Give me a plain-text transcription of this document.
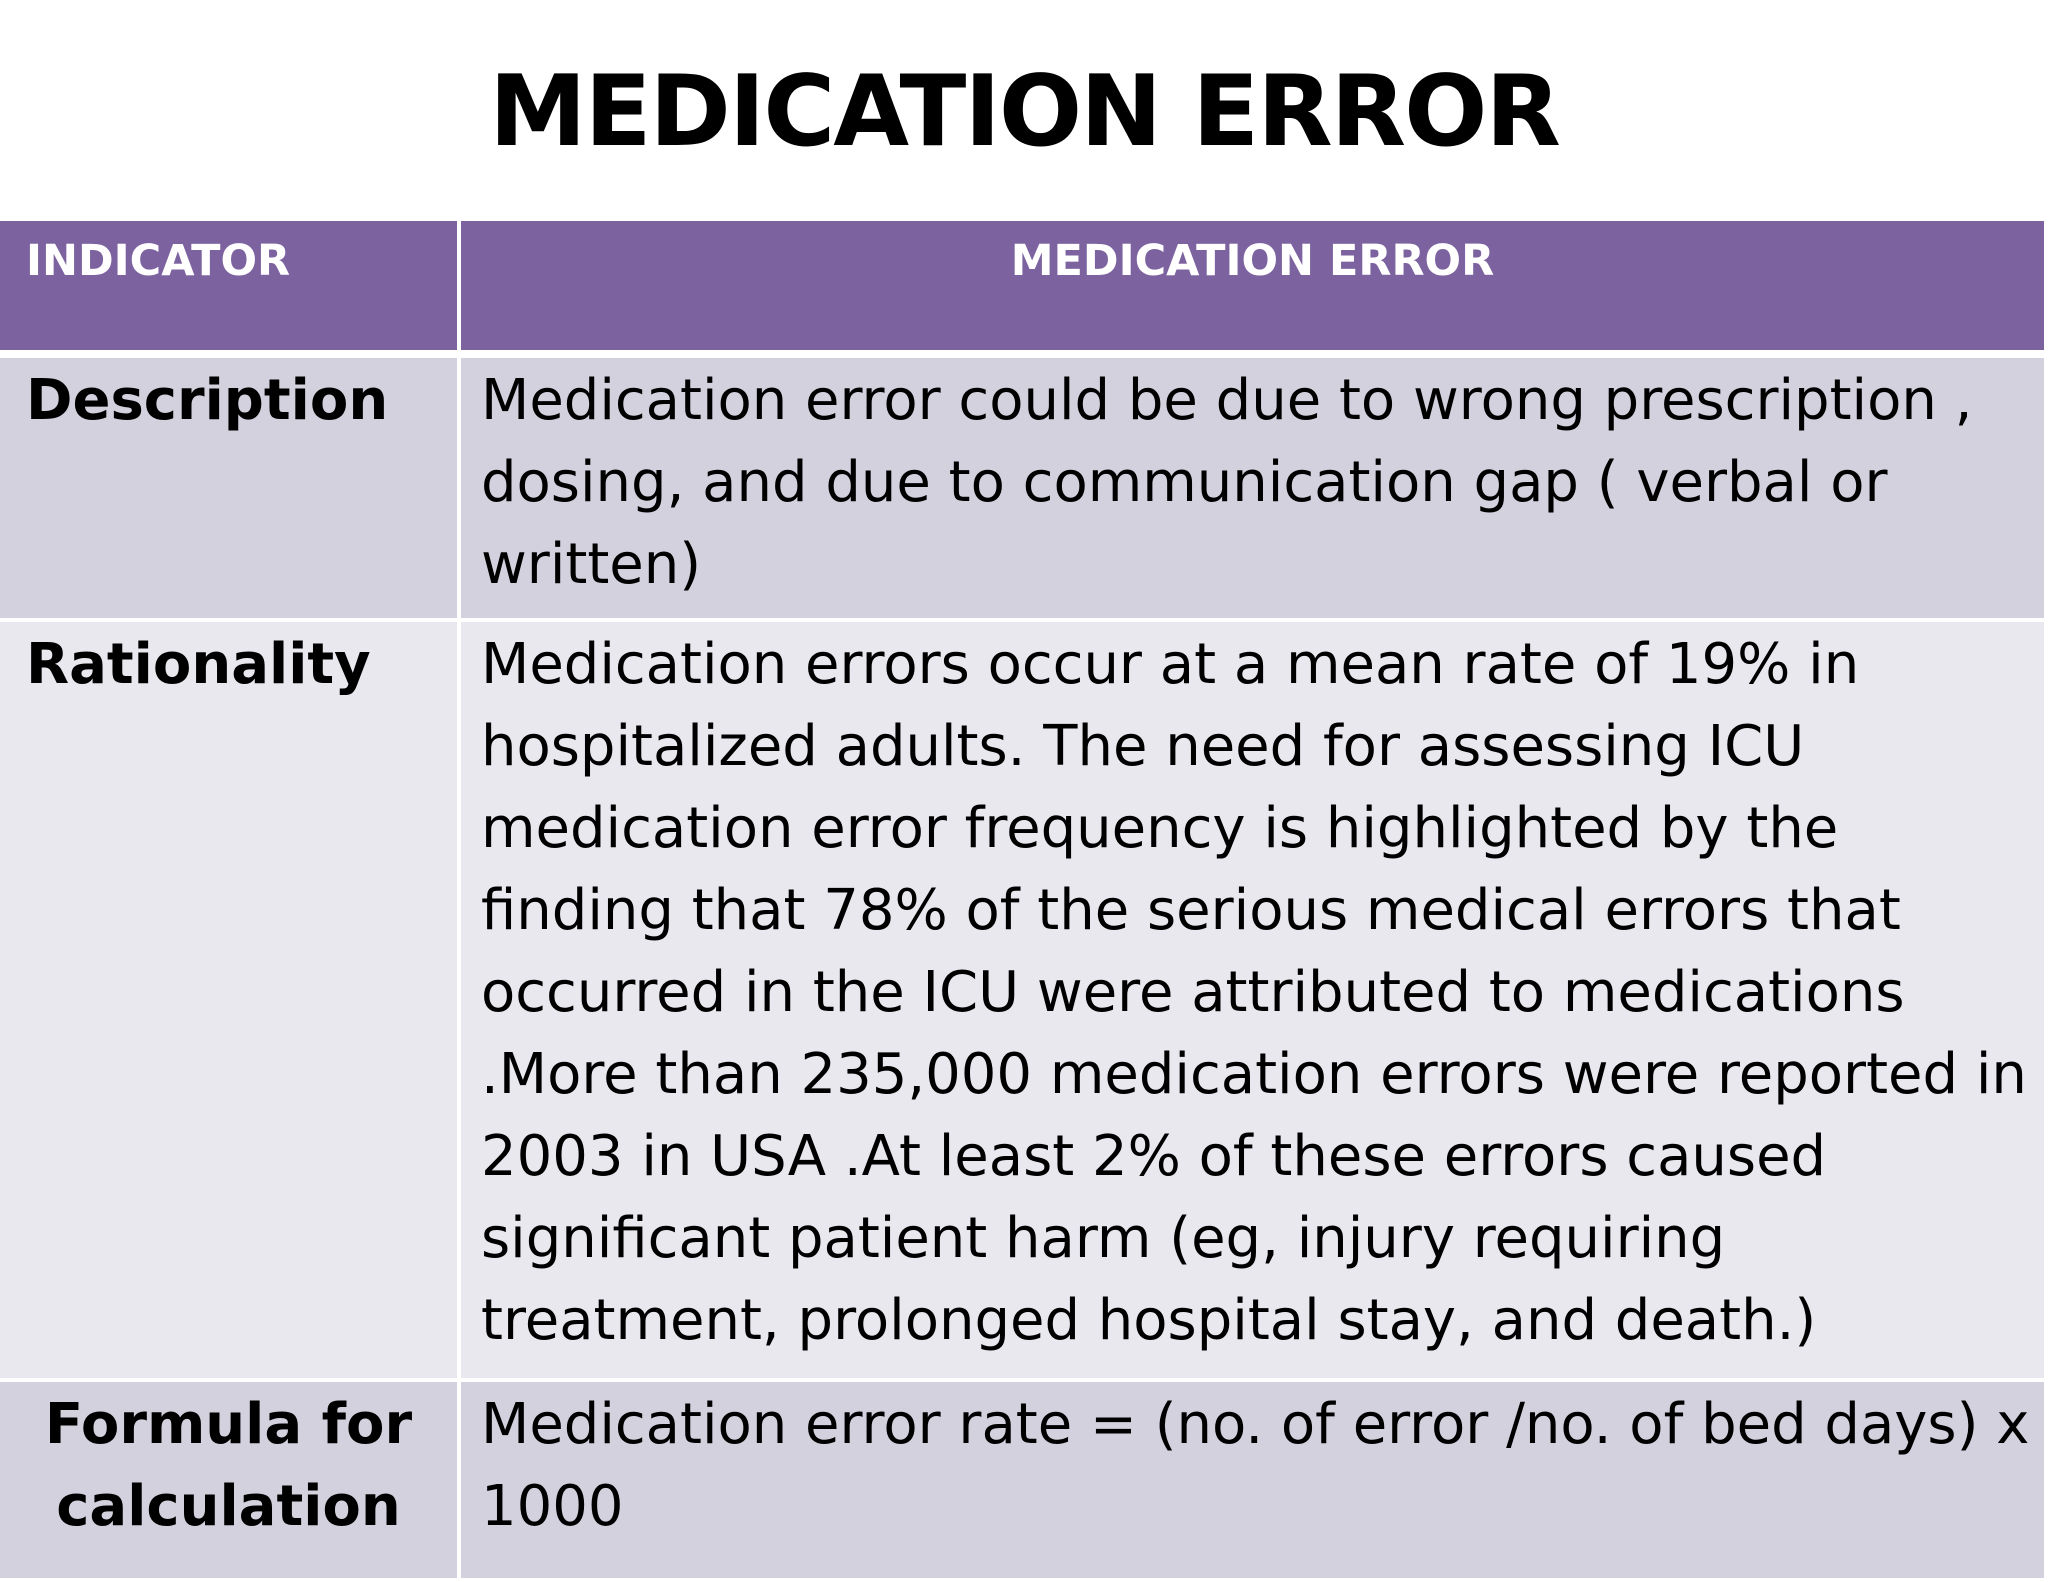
MEDICATION ERROR
INDICATOR	MEDICATION ERROR

Description	Medication error could be due to wrong prescription , dosing, and due to communication gap ( verbal or written)

Rationality	Medication errors occur at a mean rate of 19% in hospitalized adults. The need for assessing ICU medication error frequency is highlighted by the finding that 78% of the serious medical errors that occurred in the ICU were attributed to medications .More than 235,000 medication errors were reported in 2003 in USA .At least 2% of these errors caused significant patient harm (eg, injury requiring treatment, prolonged hospital stay, and death.)

Formula for calculation	Medication error rate = (no. of error /no. of bed days) x 1000
